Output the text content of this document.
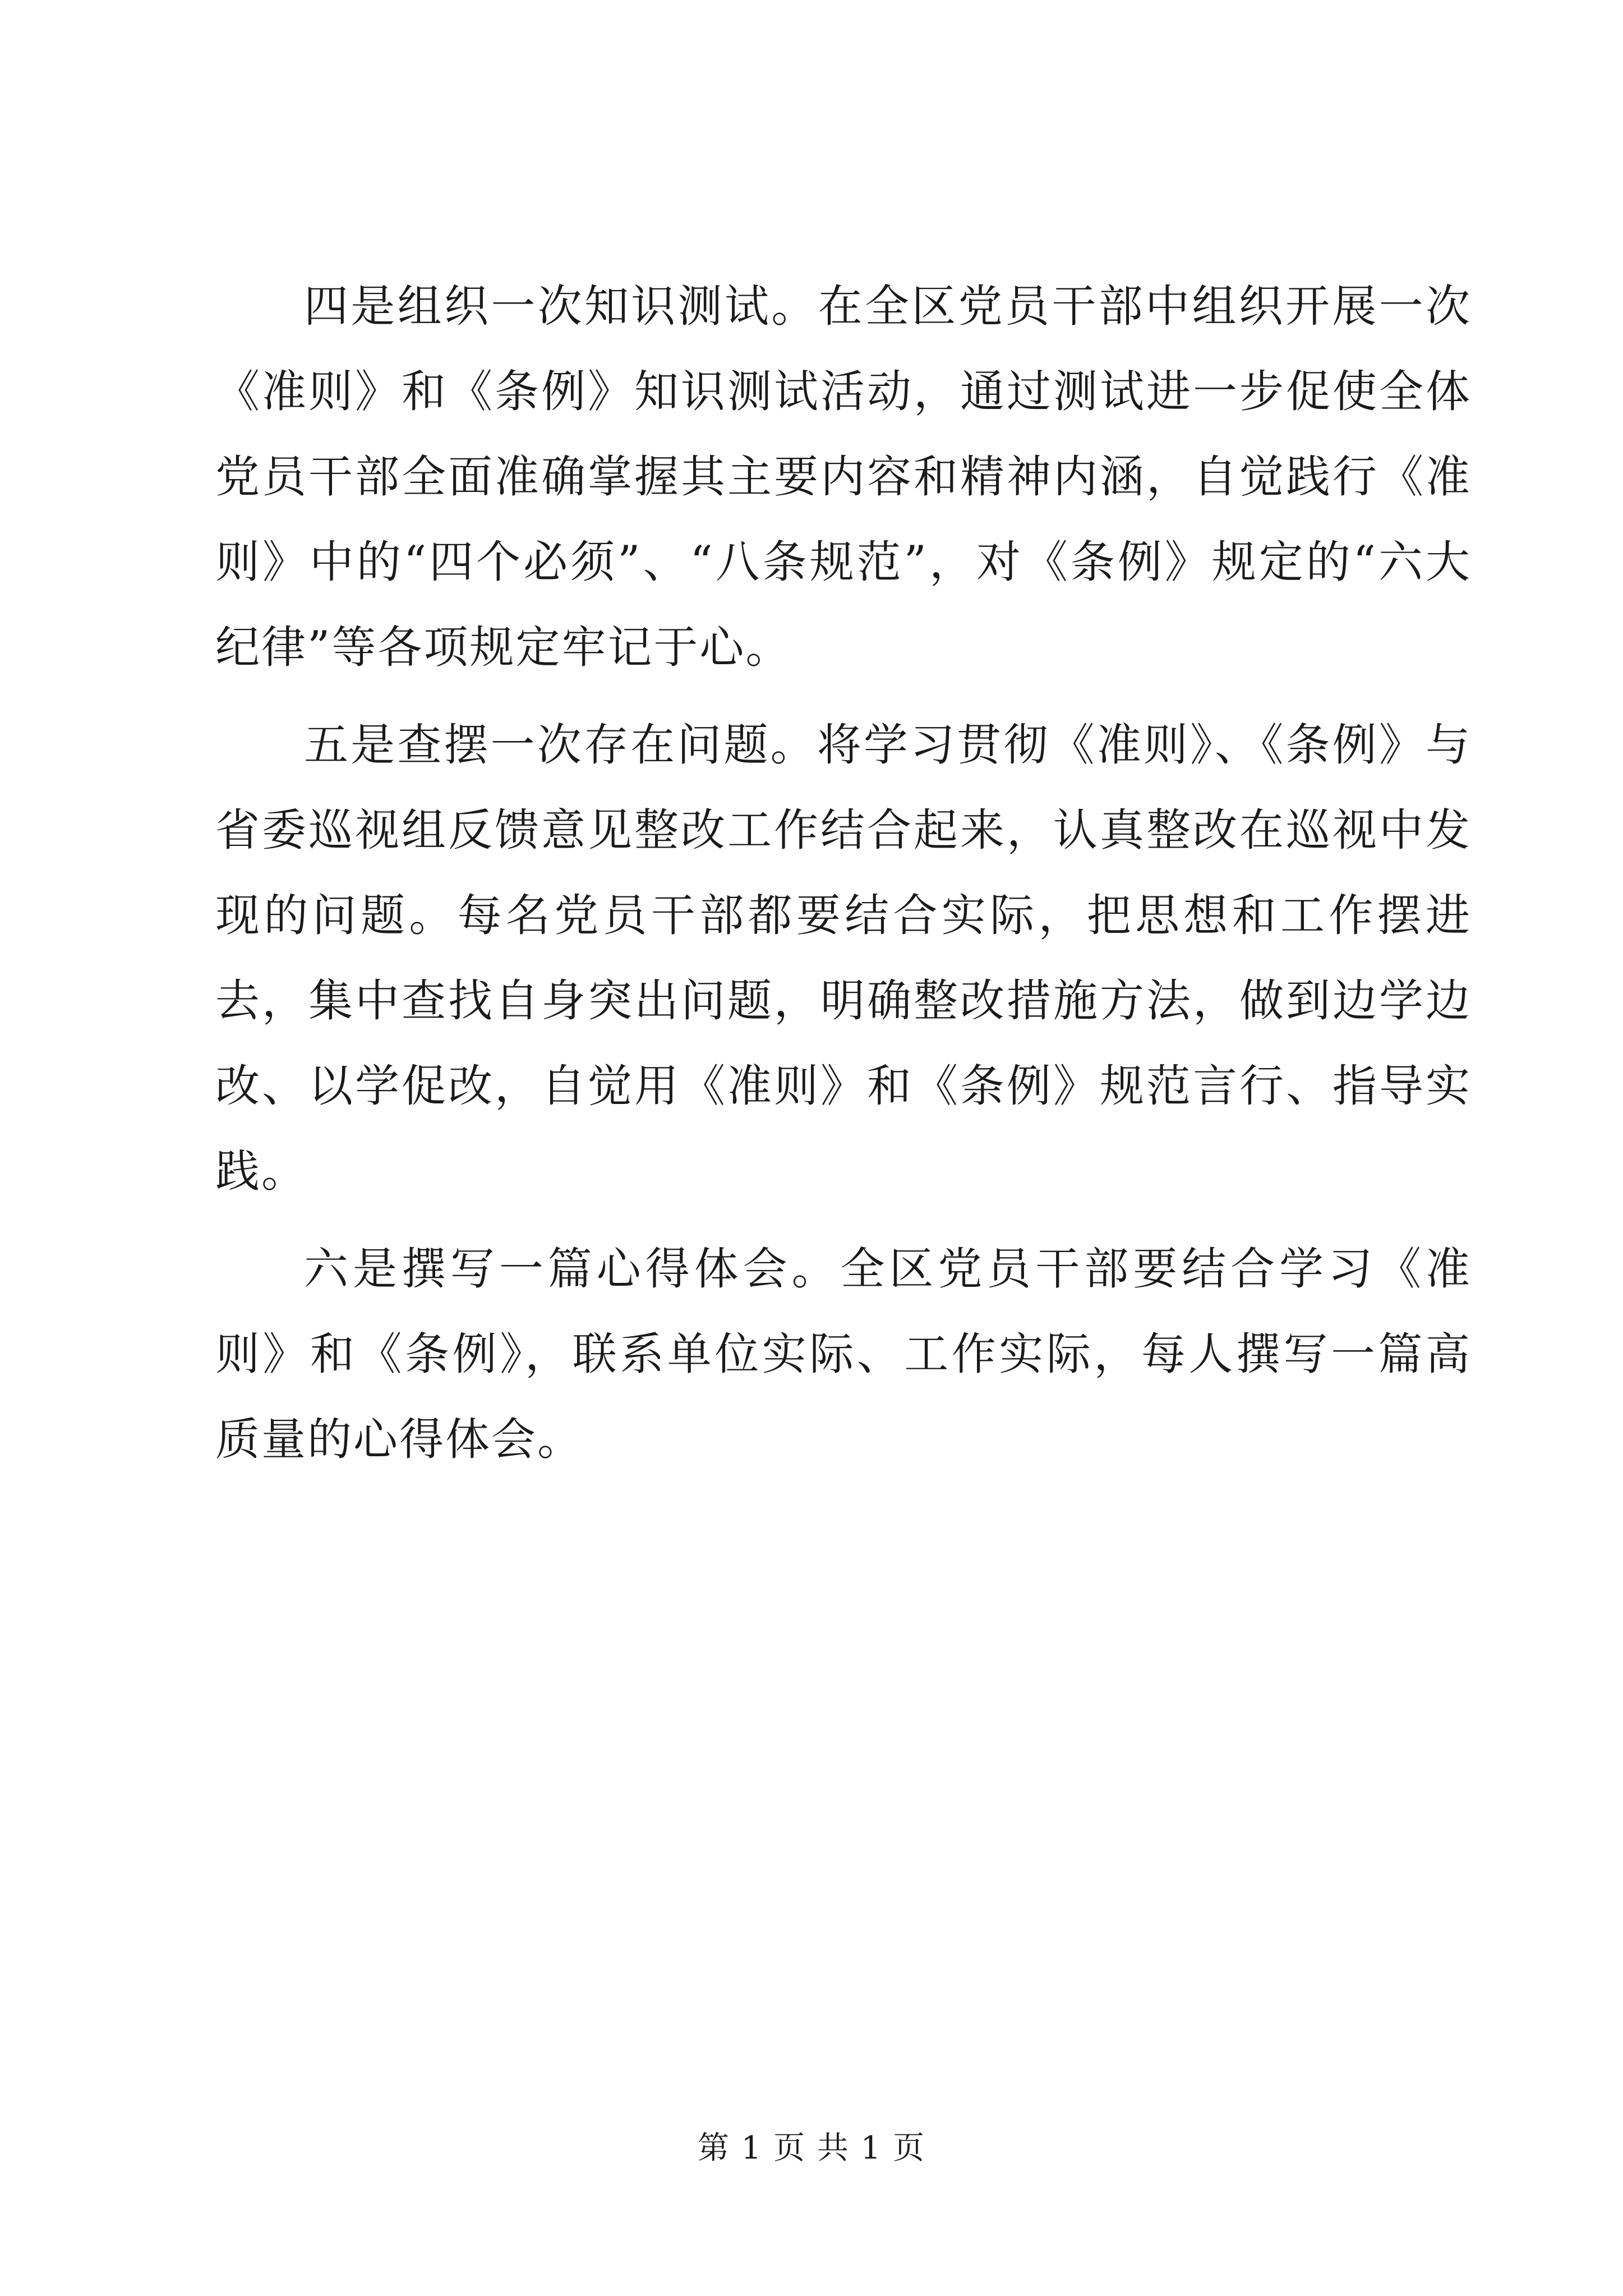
四是组织一次知识测试。在全区党员干部中组织开展一次《准则》和《条例》知识测试活动，通过测试进一步促使全体党员干部全面准确掌握其主要内容和精神内涵，自觉践行《准则》中的“四个必须”、“八条规范”，对《条例》规定的“六大纪律”等各项规定牢记于心。

五是查摆一次存在问题。将学习贯彻《准则》、《条例》与省委巡视组反馈意见整改工作结合起来，认真整改在巡视中发现的问题。每名党员干部都要结合实际，把思想和工作摆进去，集中查找自身突出问题，明确整改措施方法，做到边学边改、以学促改，自觉用《准则》和《条例》规范言行、指导实践。

六是撰写一篇心得体会。全区党员干部要结合学习《准则》和《条例》，联系单位实际、工作实际，每人撰写一篇高质量的心得体会。

第 1 页 共 1 页
